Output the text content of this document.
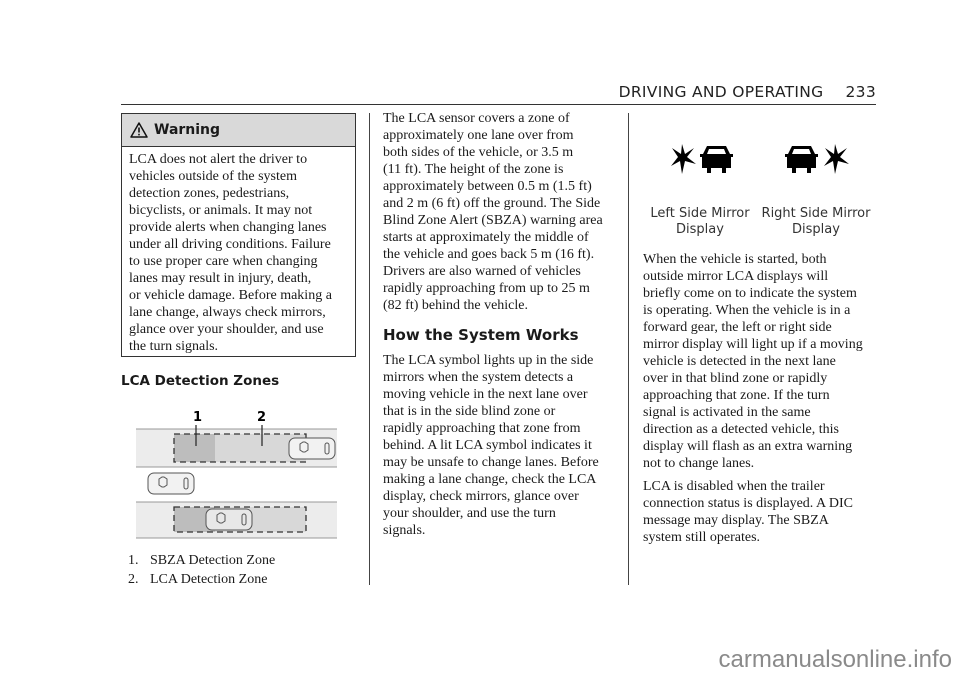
DRIVING AND OPERATING 233
Warning
LCA does not alert the driver to
vehicles outside of the system
detection zones, pedestrians,
bicyclists, or animals. It may not
provide alerts when changing lanes
under all driving conditions. Failure
to use proper care when changing
lanes may result in injury, death,
or vehicle damage. Before making a
lane change, always check mirrors,
glance over your shoulder, and use
the turn signals.
LCA Detection Zones
1	2
1. SBZA Detection Zone
2. LCA Detection Zone
The LCA sensor covers a zone of
approximately one lane over from
both sides of the vehicle, or 3.5 m
(11 ft). The height of the zone is
approximately between 0.5 m (1.5 ft)
and 2 m (6 ft) off the ground. The Side
Blind Zone Alert (SBZA) warning area
starts at approximately the middle of
the vehicle and goes back 5 m (16 ft).
Drivers are also warned of vehicles
rapidly approaching from up to 25 m
(82 ft) behind the vehicle.
How the System Works
The LCA symbol lights up in the side
mirrors when the system detects a
moving vehicle in the next lane over
that is in the side blind zone or
rapidly approaching that zone from
behind. A lit LCA symbol indicates it
may be unsafe to change lanes. Before
making a lane change, check the LCA
display, check mirrors, glance over
your shoulder, and use the turn
signals.
Left Side Mirror
Display
Right Side Mirror
Display
When the vehicle is started, both
outside mirror LCA displays will
briefly come on to indicate the system
is operating. When the vehicle is in a
forward gear, the left or right side
mirror display will light up if a moving
vehicle is detected in the next lane
over in that blind zone or rapidly
approaching that zone. If the turn
signal is activated in the same
direction as a detected vehicle, this
display will flash as an extra warning
not to change lanes.
LCA is disabled when the trailer
connection status is displayed. A DIC
message may display. The SBZA
system still operates.
carmanualsonline.info
